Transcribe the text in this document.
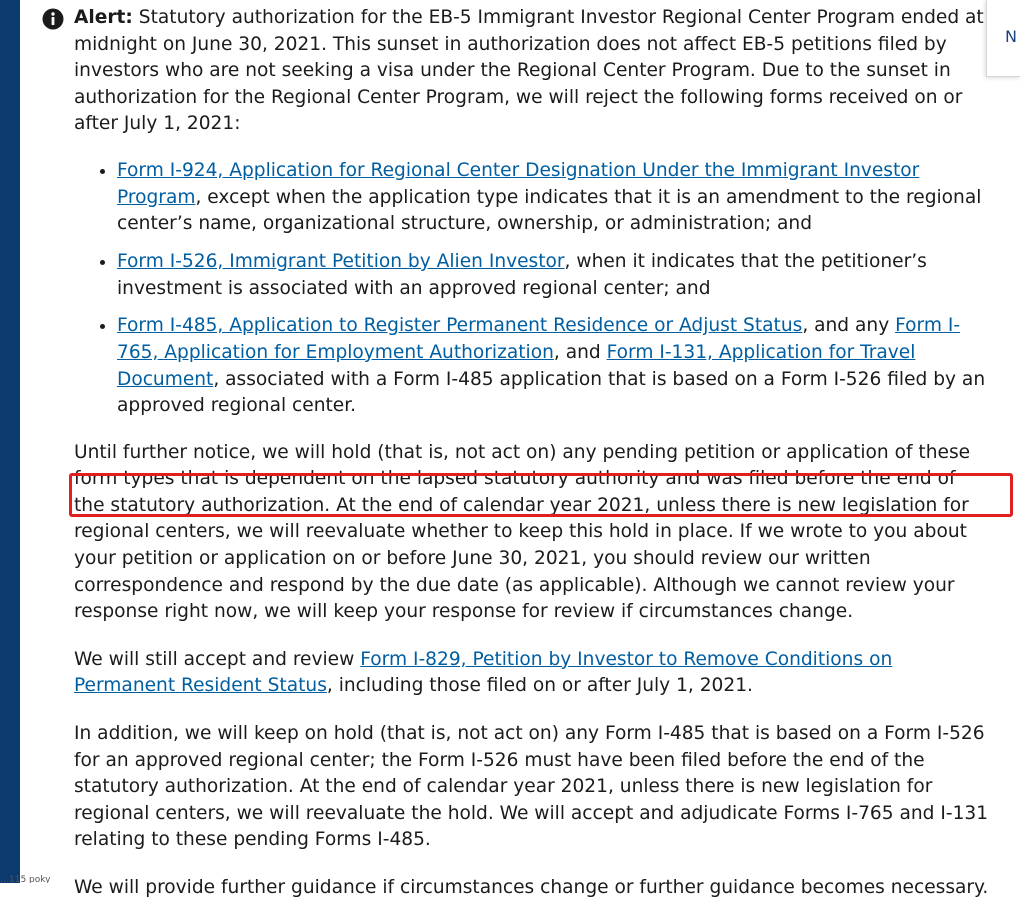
N

Alert: Statutory authorization for the EB-5 Immigrant Investor Regional Center Program ended at midnight on June 30, 2021. This sunset in authorization does not affect EB-5 petitions filed by investors who are not seeking a visa under the Regional Center Program. Due to the sunset in authorization for the Regional Center Program, we will reject the following forms received on or after July 1, 2021:

• Form I-924, Application for Regional Center Designation Under the Immigrant Investor Program, except when the application type indicates that it is an amendment to the regional center’s name, organizational structure, ownership, or administration; and
• Form I-526, Immigrant Petition by Alien Investor, when it indicates that the petitioner’s investment is associated with an approved regional center; and
• Form I-485, Application to Register Permanent Residence or Adjust Status, and any Form I-765, Application for Employment Authorization, and Form I-131, Application for Travel Document, associated with a Form I-485 application that is based on a Form I-526 filed by an approved regional center.

Until further notice, we will hold (that is, not act on) any pending petition or application of these form types that is dependent on the lapsed statutory authority and was filed before the end of the statutory authorization. At the end of calendar year 2021, unless there is new legislation for regional centers, we will reevaluate whether to keep this hold in place. If we wrote to you about your petition or application on or before June 30, 2021, you should review our written correspondence and respond by the due date (as applicable). Although we cannot review your response right now, we will keep your response for review if circumstances change.

We will still accept and review Form I-829, Petition by Investor to Remove Conditions on Permanent Resident Status, including those filed on or after July 1, 2021.

In addition, we will keep on hold (that is, not act on) any Form I-485 that is based on a Form I-526 for an approved regional center; the Form I-526 must have been filed before the end of the statutory authorization. At the end of calendar year 2021, unless there is new legislation for regional centers, we will reevaluate the hold. We will accept and adjudicate Forms I-765 and I-131 relating to these pending Forms I-485.

We will provide further guidance if circumstances change or further guidance becomes necessary.

…115 poky
